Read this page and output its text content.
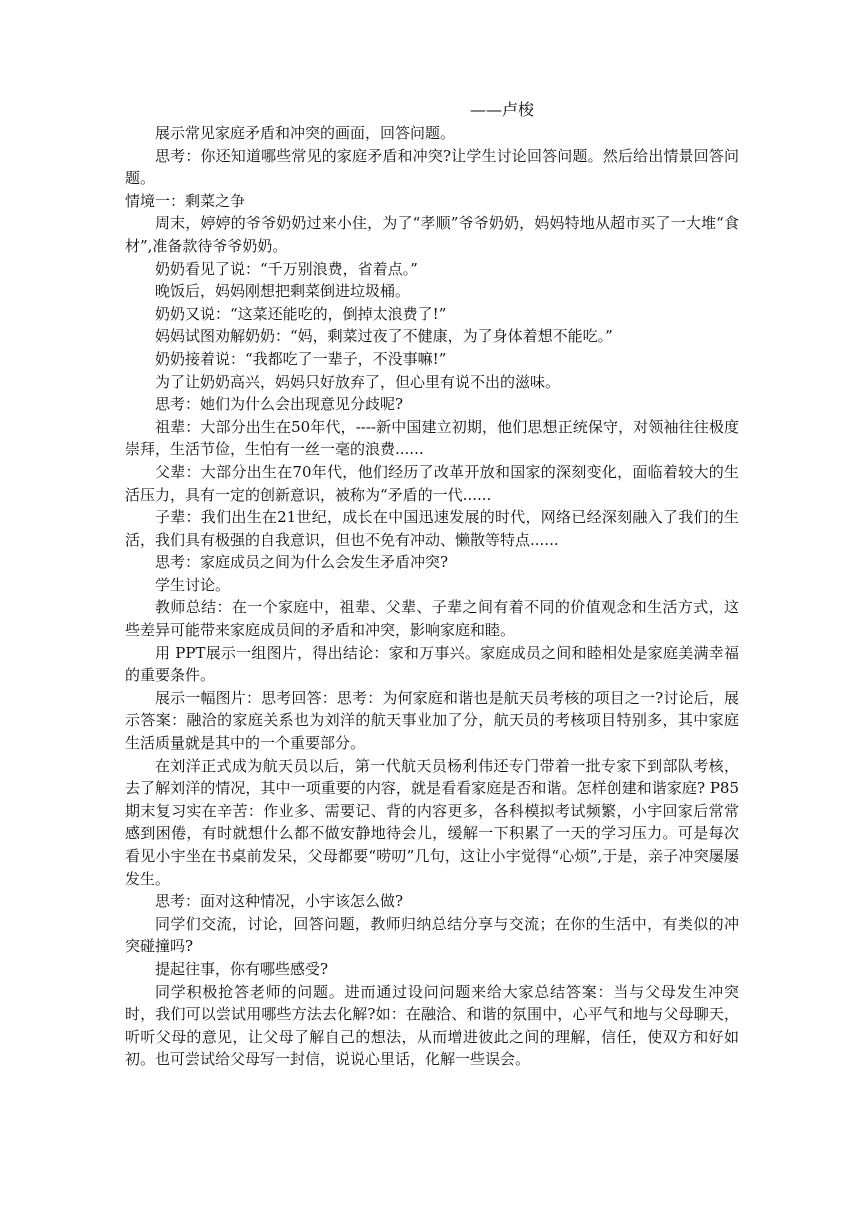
——卢梭

展示常见家庭矛盾和冲突的画面，回答问题。

思考：你还知道哪些常见的家庭矛盾和冲突?让学生讨论回答问题。然后给出情景回答问题。

情境一：剩菜之争

周末，婷婷的爷爷奶奶过来小住，为了“孝顺”爷爷奶奶，妈妈特地从超市买了一大堆“食材”,准备款待爷爷奶奶。

奶奶看见了说：“千万别浪费，省着点。”

晚饭后，妈妈刚想把剩菜倒进垃圾桶。

奶奶又说：“这菜还能吃的，倒掉太浪费了!”

妈妈试图劝解奶奶：“妈，剩菜过夜了不健康，为了身体着想不能吃。”

奶奶接着说：“我都吃了一辈子，不没事嘛!”

为了让奶奶高兴，妈妈只好放弃了，但心里有说不出的滋味。

思考：她们为什么会出现意见分歧呢?

祖辈：大部分出生在50年代，----新中国建立初期，他们思想正统保守，对领袖往往极度崇拜，生活节俭，生怕有一丝一毫的浪费......

父辈：大部分出生在70年代，他们经历了改革开放和国家的深刻变化，面临着较大的生活压力，具有一定的创新意识，被称为“矛盾的一代......

子辈：我们出生在21世纪，成长在中国迅速发展的时代，网络已经深刻融入了我们的生活，我们具有极强的自我意识，但也不免有冲动、懒散等特点......

思考：家庭成员之间为什么会发生矛盾冲突?

学生讨论。

教师总结：在一个家庭中，祖辈、父辈、子辈之间有着不同的价值观念和生活方式，这些差异可能带来家庭成员间的矛盾和冲突，影响家庭和睦。

用 PPT展示一组图片，得出结论：家和万事兴。家庭成员之间和睦相处是家庭美满幸福的重要条件。

展示一幅图片：思考回答：思考：为何家庭和谐也是航天员考核的项目之一?讨论后，展示答案：融洽的家庭关系也为刘洋的航天事业加了分，航天员的考核项目特别多，其中家庭生活质量就是其中的一个重要部分。

在刘洋正式成为航天员以后，第一代航天员杨利伟还专门带着一批专家下到部队考核，去了解刘洋的情况，其中一项重要的内容，就是看看家庭是否和谐。怎样创建和谐家庭? P85期末复习实在辛苦：作业多、需要记、背的内容更多，各科模拟考试频繁，小宇回家后常常感到困倦，有时就想什么都不做安静地待会儿，缓解一下积累了一天的学习压力。可是每次看见小宇坐在书桌前发呆，父母都要“唠叨”几句，这让小宇觉得“心烦”,于是，亲子冲突屡屡发生。

思考：面对这种情况，小宇该怎么做?

同学们交流，讨论，回答问题，教师归纳总结分享与交流；在你的生活中，有类似的冲突碰撞吗?

提起往事，你有哪些感受?

同学积极抢答老师的问题。进而通过设问问题来给大家总结答案：当与父母发生冲突时，我们可以尝试用哪些方法去化解?如：在融洽、和谐的氛围中，心平气和地与父母聊天，听听父母的意见，让父母了解自己的想法，从而增进彼此之间的理解，信任，使双方和好如初。也可尝试给父母写一封信，说说心里话，化解一些误会。
